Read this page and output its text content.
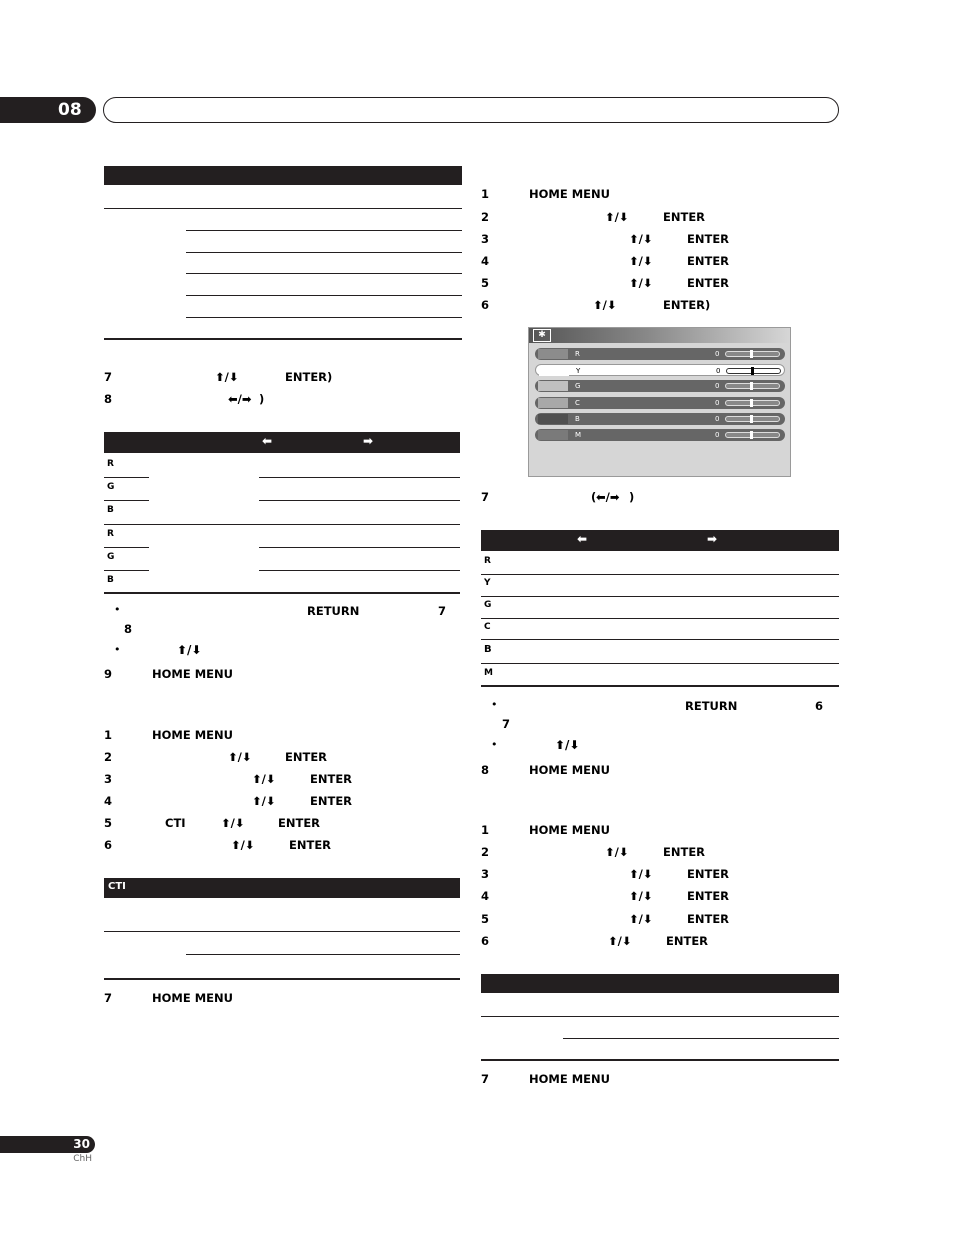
08
7	⬆/⬇	ENTER)
8	⬅/➡ )
⬅	➡
R
G
B
R
G
B
•	RETURN	7
8
•	⬆/⬇
9	HOME MENU
1	HOME MENU
2	⬆/⬇	ENTER
3	⬆/⬇	ENTER
4	⬆/⬇	ENTER
5	CTI	⬆/⬇	ENTER
6	⬆/⬇	ENTER
CTI
7	HOME MENU
1	HOME MENU
2	⬆/⬇	ENTER
3	⬆/⬇	ENTER
4	⬆/⬇	ENTER
5	⬆/⬇	ENTER
6	⬆/⬇	ENTER)
✱
R	0
Y	0
G	0
C	0
B	0
M	0
7	( ⬅/➡ )
⬅	➡
R
Y
G
C
B
M
•	RETURN	6
7
•	⬆/⬇
8	HOME MENU
1	HOME MENU
2	⬆/⬇	ENTER
3	⬆/⬇	ENTER
4	⬆/⬇	ENTER
5	⬆/⬇	ENTER
6	⬆/⬇	ENTER
7	HOME MENU
30
ChH
